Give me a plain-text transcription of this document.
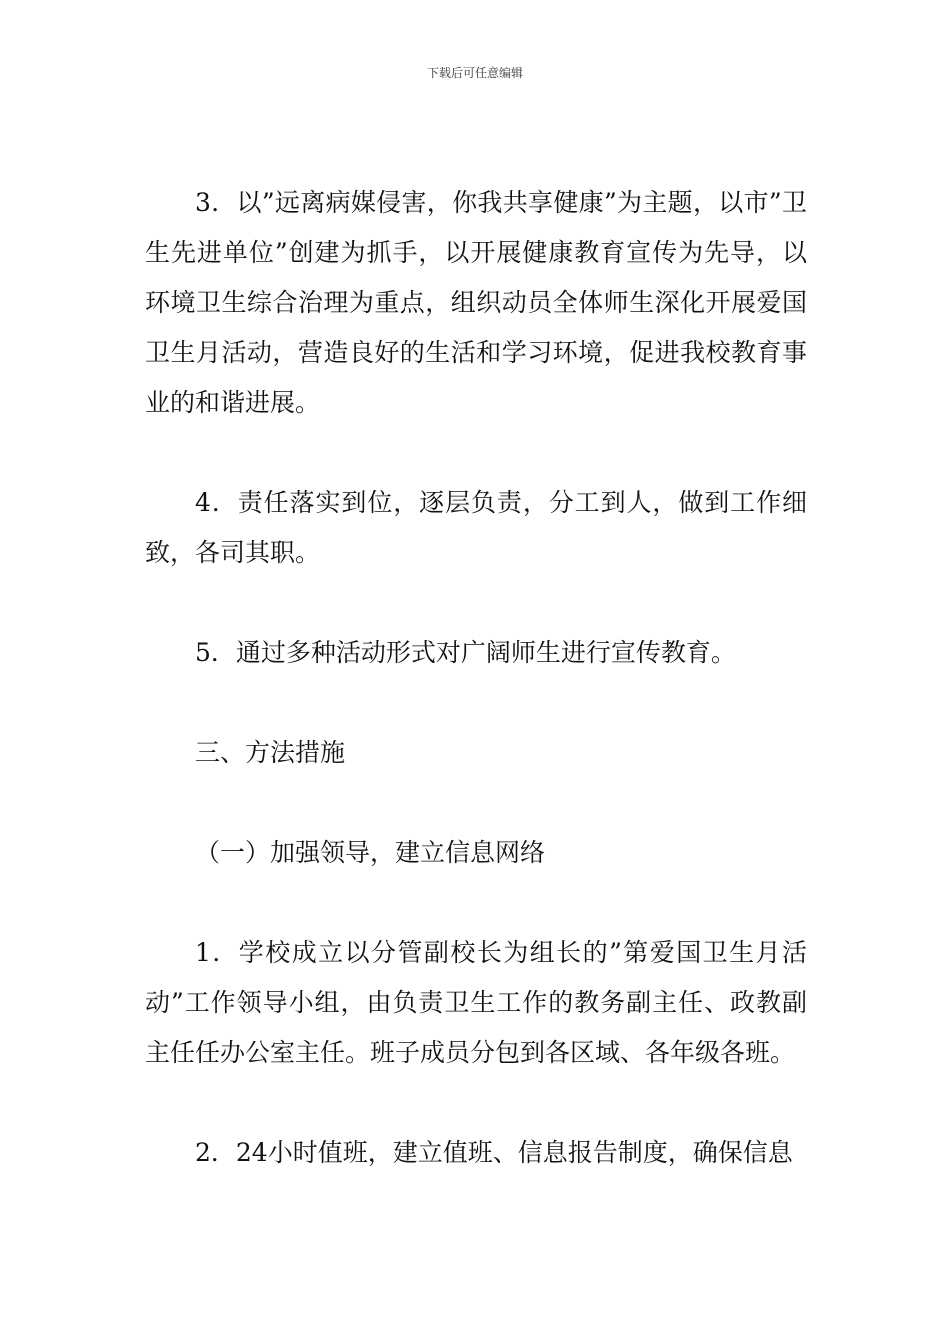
下载后可任意编辑

3．以”远离病媒侵害，你我共享健康”为主题，以市”卫生先进单位”创建为抓手，以开展健康教育宣传为先导，以环境卫生综合治理为重点，组织动员全体师生深化开展爱国卫生月活动，营造良好的生活和学习环境，促进我校教育事业的和谐进展。

4．责任落实到位，逐层负责，分工到人，做到工作细致，各司其职。

5．通过多种活动形式对广阔师生进行宣传教育。

三、方法措施

（一）加强领导，建立信息网络

1．学校成立以分管副校长为组长的”第爱国卫生月活动”工作领导小组，由负责卫生工作的教务副主任、政教副主任任办公室主任。班子成员分包到各区域、各年级各班。

2．24小时值班，建立值班、信息报告制度，确保信息
